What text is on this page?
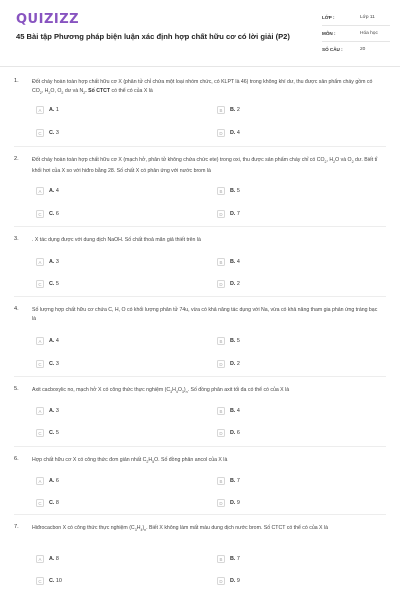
QUIZIZZ
45 Bài tập Phương pháp biện luận xác định hợp chất hữu cơ có lời giải (P2)
LỚP :	Lớp 11
MÔN :	Hóa học
SỐ CÂU :	20
1.	Đốt cháy hoàn toàn hợp chất hữu cơ X (phân tử chỉ chứa một loại nhóm chức, có KLPT là 46) trong không khí dư, thu được sản phẩm cháy gồm có $CO_2$, $H_2O$, $O_2$ dư và $N_2$. Số CTCT có thể có của X là
A	A. 1	B	B. 2
C	C. 3	D	D. 4
2.	Đốt cháy hoàn toàn hợp chất hữu cơ X (mạch hở, phân tử không chứa chức ete) trong oxi, thu được sản phẩm cháy chỉ có $CO_2$, $H_2O$ và $O_2$ dư. Biết tỉ khối hơi của X so với hiđro bằng 28. Số chất X có phản ứng với nước brom là
A	A. 4	B	B. 5
C	C. 6	D	D. 7
3.	. X tác dụng được với dung dịch NaOH. Số chất thoả mãn giả thiết trên là
A	A. 3	B	B. 4
C	C. 5	D	D. 2
4.	Số lượng hợp chất hữu cơ chứa C, H, O có khối lượng phân tử 74u, vừa có khả năng tác dụng với Na, vừa có khả năng tham gia phản ứng tráng bạc là
A	A. 4	B	B. 5
C	C. 3	D	D. 2
5.	Axit cacboxylic no, mạch hở X có công thức thực nghiệm $(C_3H_4O_3)_n$. Số đồng phân axit tối đa có thể có của X là
A	A. 3	B	B. 4
C	C. 5	D	D. 6
6.	Hợp chất hữu cơ X có công thức đơn giản nhất $C_2H_5O$. Số đồng phân ancol của X là
A	A. 6	B	B. 7
C	C. 8	D	D. 9
7.	Hiđrocacbon X có công thức thực nghiệm $(C_3H_4)_n$. Biết X không làm mất màu dung dịch nước brom. Số CTCT có thể có của X là
A	A. 8	B	B. 7
C	C. 10	D	D. 9
